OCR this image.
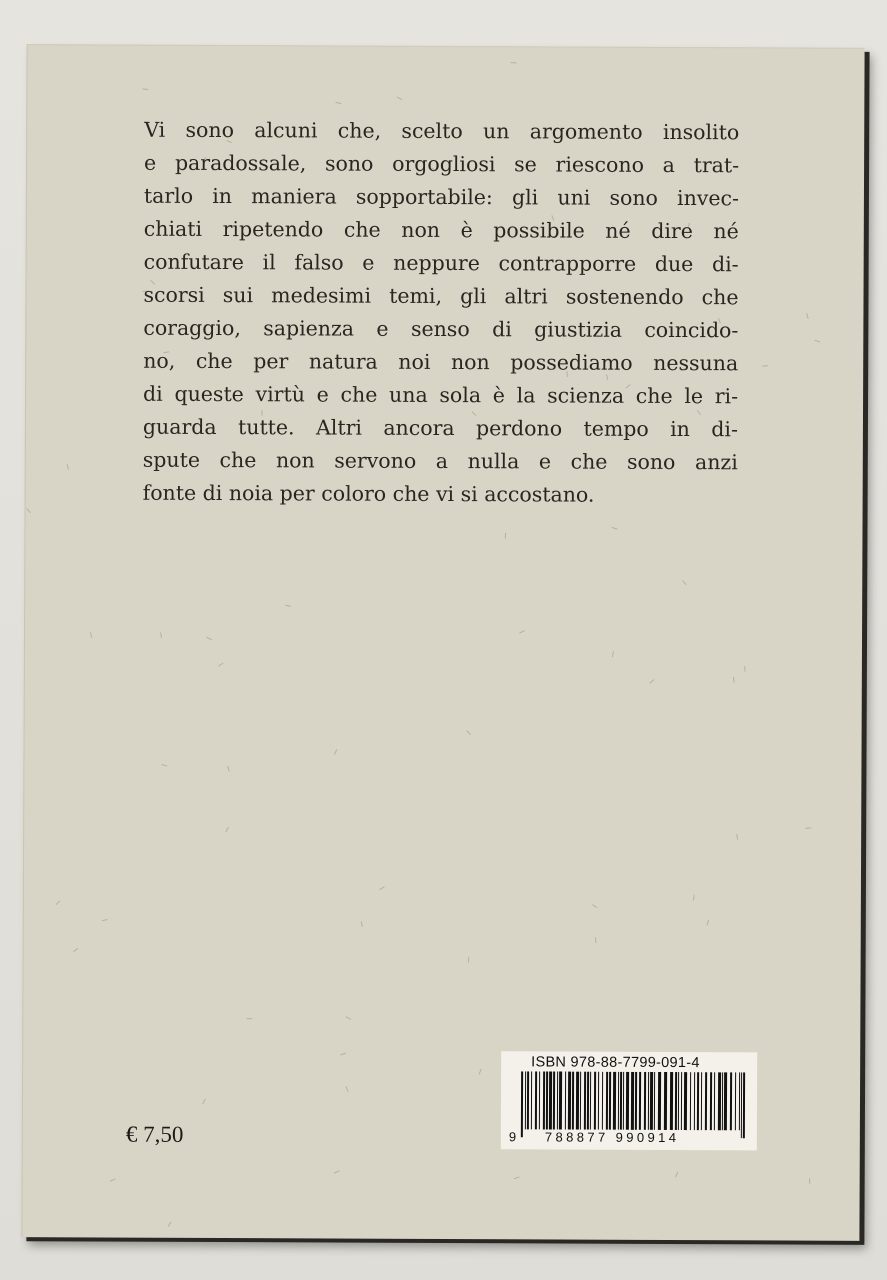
Vi sono alcuni che, scelto un argomento insolito
e paradossale, sono orgogliosi se riescono a trat-
tarlo in maniera sopportabile: gli uni sono invec-
chiati ripetendo che non è possibile né dire né
confutare il falso e neppure contrapporre due di-
scorsi sui medesimi temi, gli altri sostenendo che
coraggio, sapienza e senso di giustizia coincido-
no, che per natura noi non possediamo nessuna
di queste virtù e che una sola è la scienza che le ri-
guarda tutte. Altri ancora perdono tempo in di-
spute che non servono a nulla e che sono anzi
fonte di noia per coloro che vi si accostano.

€ 7,50
ISBN 978-88-7799-091-4
9 788877 990914
